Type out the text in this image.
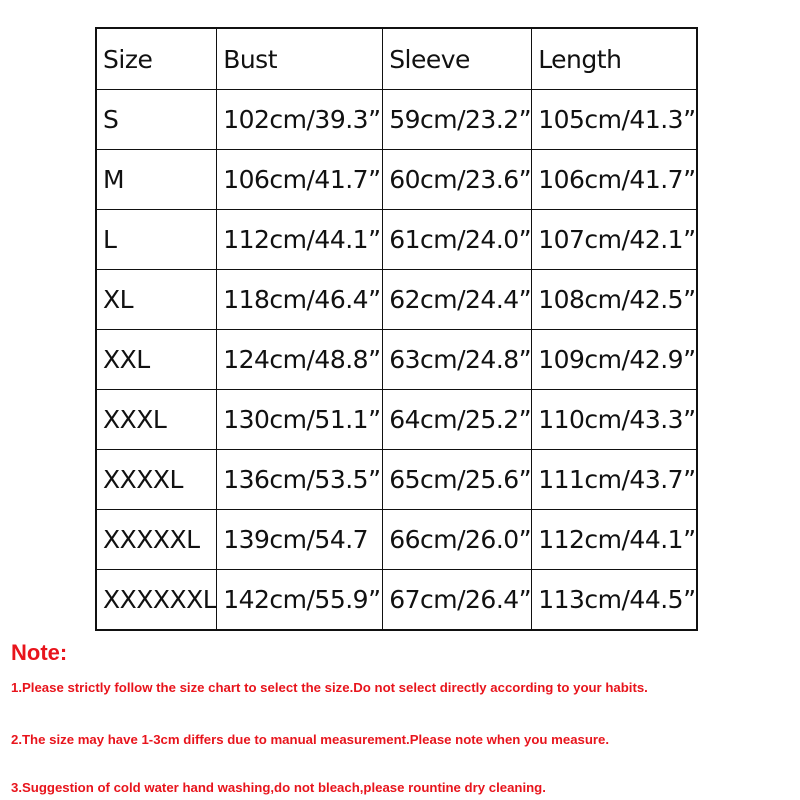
Size	Bust	Sleeve	Length
S	102cm/39.3”	59cm/23.2”	105cm/41.3”
M	106cm/41.7”	60cm/23.6”	106cm/41.7”
L	112cm/44.1”	61cm/24.0”	107cm/42.1”
XL	118cm/46.4”	62cm/24.4”	108cm/42.5”
XXL	124cm/48.8”	63cm/24.8”	109cm/42.9”
XXXL	130cm/51.1”	64cm/25.2”	110cm/43.3”
XXXXL	136cm/53.5”	65cm/25.6”	111cm/43.7”
XXXXXL	139cm/54.7	66cm/26.0”	112cm/44.1”
XXXXXXL	142cm/55.9”	67cm/26.4”	113cm/44.5”
Note:
1.Please strictly follow the size chart to select the size.Do not select directly according to your habits.
2.The size may have 1-3cm differs due to manual measurement.Please note when you measure.
3.Suggestion of cold water hand washing,do not bleach,please rountine dry cleaning.
